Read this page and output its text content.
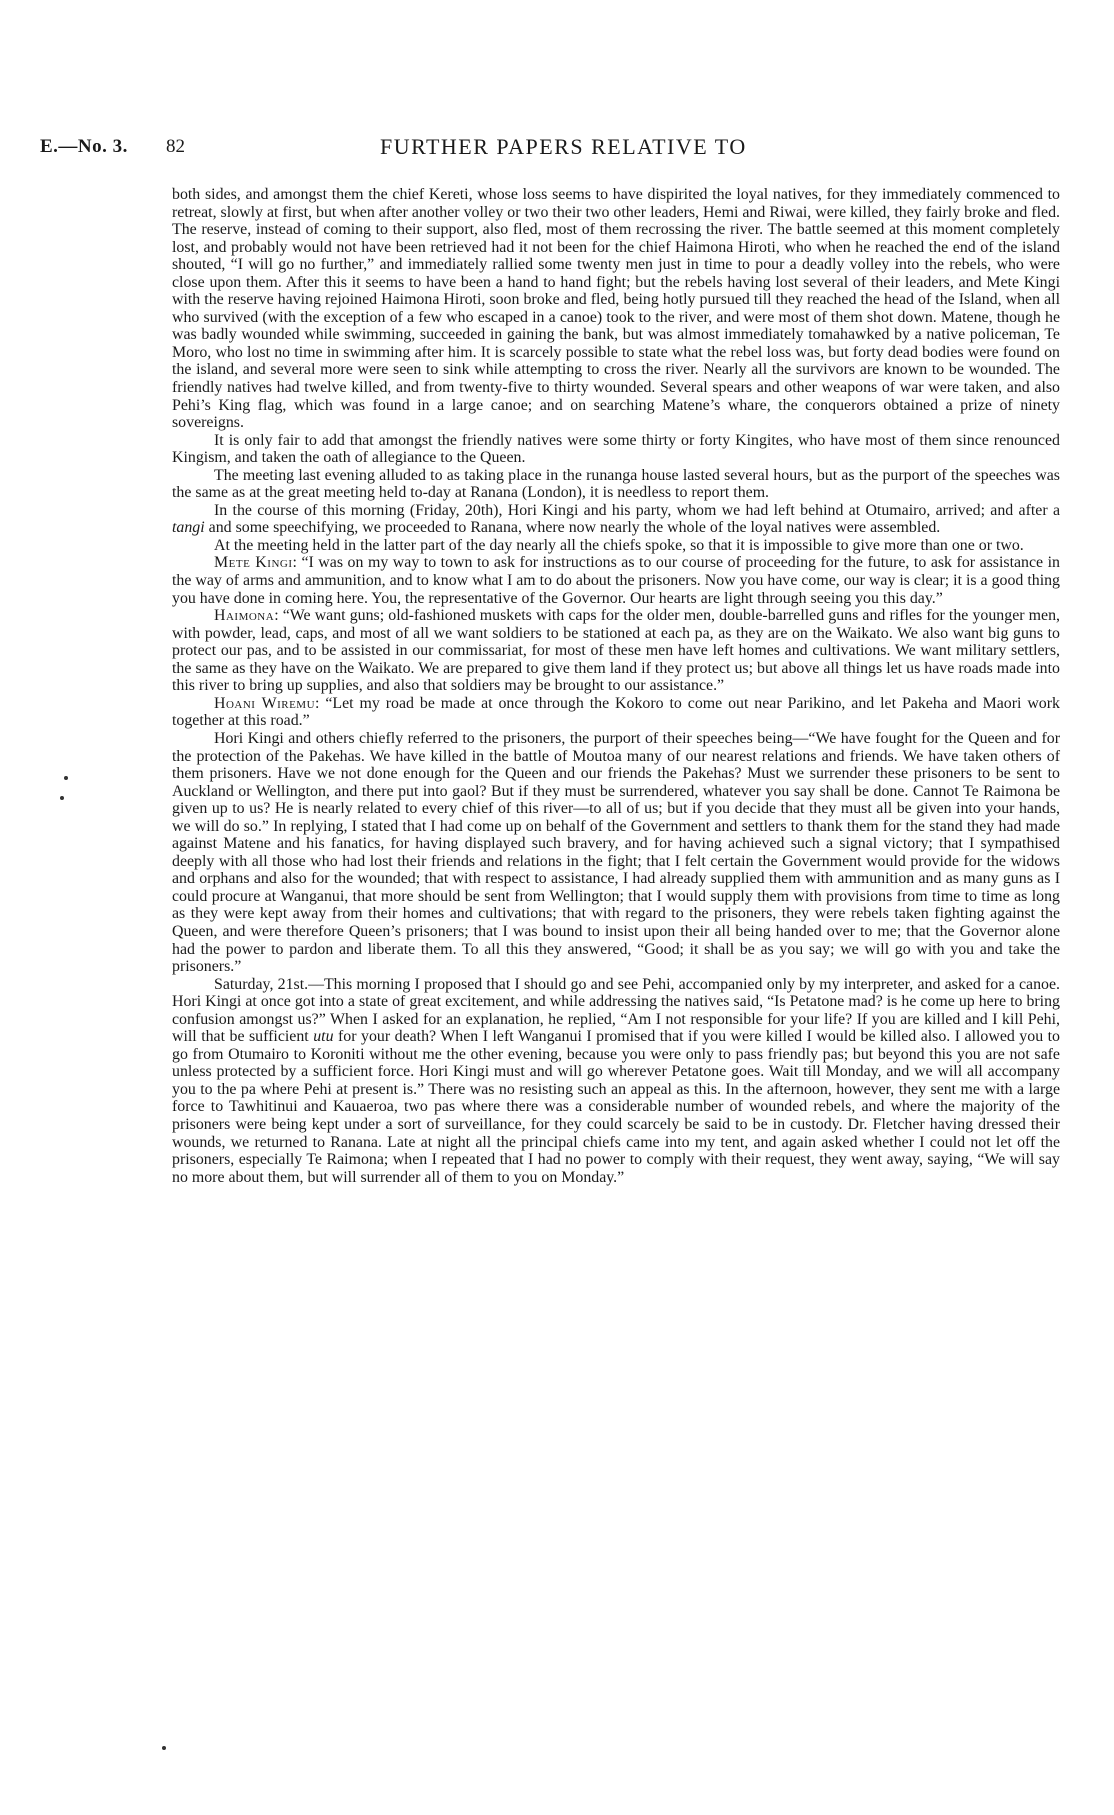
E.—No. 3. 82	FURTHER PAPERS RELATIVE TO

both sides, and amongst them the chief Kereti, whose loss seems to have dispirited the loyal natives, for they immediately commenced to retreat, slowly at first, but when after another volley or two their two other leaders, Hemi and Riwai, were killed, they fairly broke and fled. The reserve, instead of coming to their support, also fled, most of them recrossing the river. The battle seemed at this moment completely lost, and probably would not have been retrieved had it not been for the chief Haimona Hiroti, who when he reached the end of the island shouted, “I will go no further,” and immediately rallied some twenty men just in time to pour a deadly volley into the rebels, who were close upon them. After this it seems to have been a hand to hand fight; but the rebels having lost several of their leaders, and Mete Kingi with the reserve having rejoined Haimona Hiroti, soon broke and fled, being hotly pursued till they reached the head of the Island, when all who survived (with the exception of a few who escaped in a canoe) took to the river, and were most of them shot down. Matene, though he was badly wounded while swimming, succeeded in gaining the bank, but was almost immediately tomahawked by a native policeman, Te Moro, who lost no time in swimming after him. It is scarcely possible to state what the rebel loss was, but forty dead bodies were found on the island, and several more were seen to sink while attempting to cross the river. Nearly all the survivors are known to be wounded. The friendly natives had twelve killed, and from twenty-five to thirty wounded. Several spears and other weapons of war were taken, and also Pehi’s King flag, which was found in a large canoe; and on searching Matene’s whare, the conquerors obtained a prize of ninety sovereigns.

It is only fair to add that amongst the friendly natives were some thirty or forty Kingites, who have most of them since renounced Kingism, and taken the oath of allegiance to the Queen.

The meeting last evening alluded to as taking place in the runanga house lasted several hours, but as the purport of the speeches was the same as at the great meeting held to-day at Ranana (London), it is needless to report them.

In the course of this morning (Friday, 20th), Hori Kingi and his party, whom we had left behind at Otumairo, arrived; and after a tangi and some speechifying, we proceeded to Ranana, where now nearly the whole of the loyal natives were assembled.

At the meeting held in the latter part of the day nearly all the chiefs spoke, so that it is impossible to give more than one or two.

Mete Kingi: “I was on my way to town to ask for instructions as to our course of proceeding for the future, to ask for assistance in the way of arms and ammunition, and to know what I am to do about the prisoners. Now you have come, our way is clear; it is a good thing you have done in coming here. You, the representative of the Governor. Our hearts are light through seeing you this day.”

Haimona: “We want guns; old-fashioned muskets with caps for the older men, double-barrelled guns and rifles for the younger men, with powder, lead, caps, and most of all we want soldiers to be stationed at each pa, as they are on the Waikato. We also want big guns to protect our pas, and to be assisted in our commissariat, for most of these men have left homes and cultivations. We want military settlers, the same as they have on the Waikato. We are prepared to give them land if they protect us; but above all things let us have roads made into this river to bring up supplies, and also that soldiers may be brought to our assistance.”

Hoani Wiremu: “Let my road be made at once through the Kokoro to come out near Parikino, and let Pakeha and Maori work together at this road.”

Hori Kingi and others chiefly referred to the prisoners, the purport of their speeches being—“We have fought for the Queen and for the protection of the Pakehas. We have killed in the battle of Moutoa many of our nearest relations and friends. We have taken others of them prisoners. Have we not done enough for the Queen and our friends the Pakehas? Must we surrender these prisoners to be sent to Auckland or Wellington, and there put into gaol? But if they must be surrendered, whatever you say shall be done. Cannot Te Raimona be given up to us? He is nearly related to every chief of this river—to all of us; but if you decide that they must all be given into your hands, we will do so.” In replying, I stated that I had come up on behalf of the Government and settlers to thank them for the stand they had made against Matene and his fanatics, for having displayed such bravery, and for having achieved such a signal victory; that I sympathised deeply with all those who had lost their friends and relations in the fight; that I felt certain the Government would provide for the widows and orphans and also for the wounded; that with respect to assistance, I had already supplied them with ammunition and as many guns as I could procure at Wanganui, that more should be sent from Wellington; that I would supply them with provisions from time to time as long as they were kept away from their homes and cultivations; that with regard to the prisoners, they were rebels taken fighting against the Queen, and were therefore Queen’s prisoners; that I was bound to insist upon their all being handed over to me; that the Governor alone had the power to pardon and liberate them. To all this they answered, “Good; it shall be as you say; we will go with you and take the prisoners.”

Saturday, 21st.—This morning I proposed that I should go and see Pehi, accompanied only by my interpreter, and asked for a canoe. Hori Kingi at once got into a state of great excitement, and while addressing the natives said, “Is Petatone mad? is he come up here to bring confusion amongst us?” When I asked for an explanation, he replied, “Am I not responsible for your life? If you are killed and I kill Pehi, will that be sufficient utu for your death? When I left Wanganui I promised that if you were killed I would be killed also. I allowed you to go from Otumairo to Koroniti without me the other evening, because you were only to pass friendly pas; but beyond this you are not safe unless protected by a sufficient force. Hori Kingi must and will go wherever Petatone goes. Wait till Monday, and we will all accompany you to the pa where Pehi at present is.” There was no resisting such an appeal as this. In the afternoon, however, they sent me with a large force to Tawhitinui and Kauaeroa, two pas where there was a considerable number of wounded rebels, and where the majority of the prisoners were being kept under a sort of surveillance, for they could scarcely be said to be in custody. Dr. Fletcher having dressed their wounds, we returned to Ranana. Late at night all the principal chiefs came into my tent, and again asked whether I could not let off the prisoners, especially Te Raimona; when I repeated that I had no power to comply with their request, they went away, saying, “We will say no more about them, but will surrender all of them to you on Monday.”
